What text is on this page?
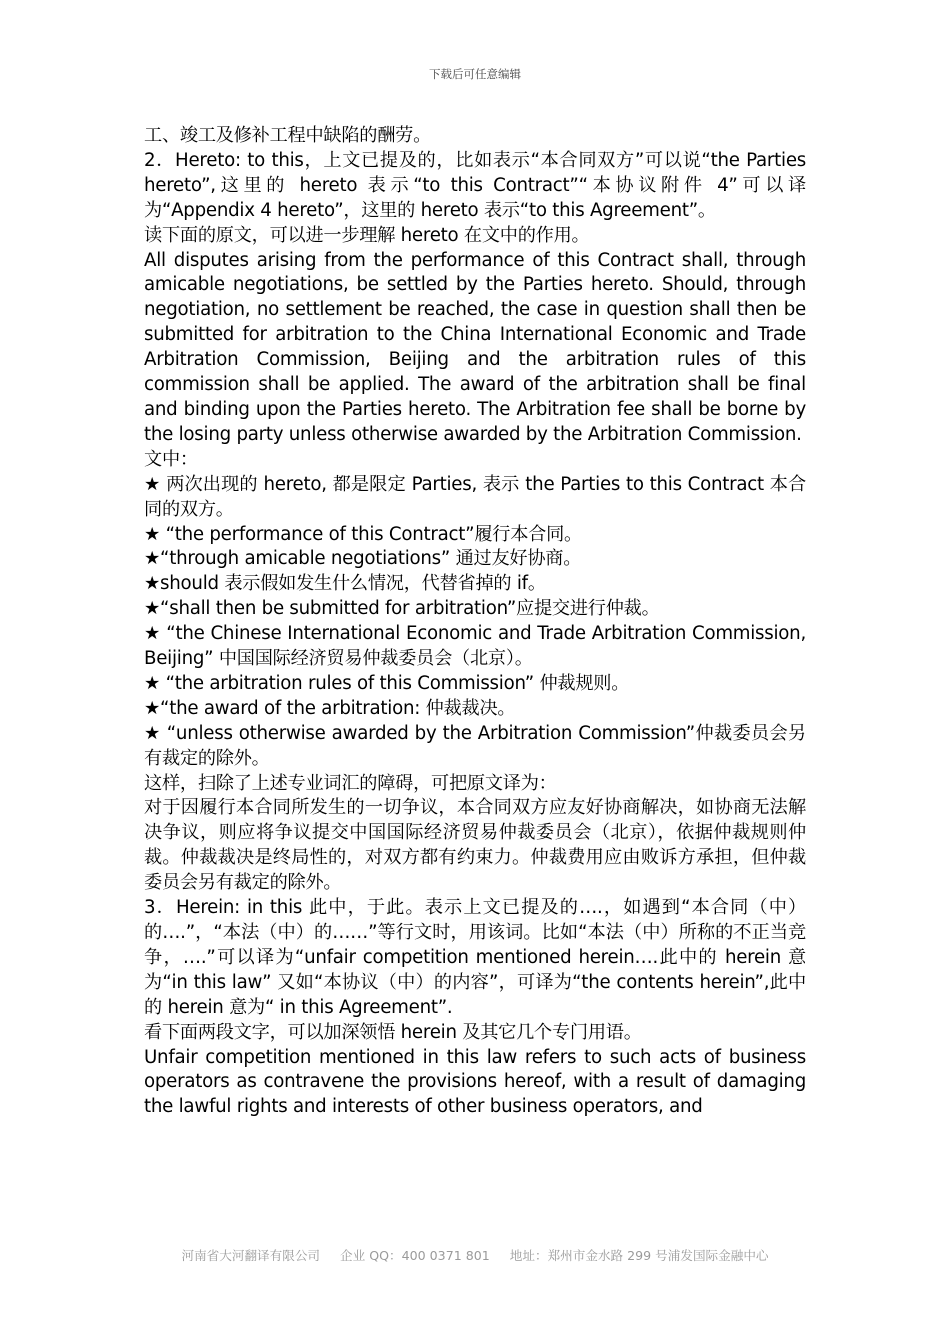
下载后可任意编辑

工、竣工及修补工程中缺陷的酬劳。

2．Hereto: to this，上文已提及的，比如表示“本合同双方”可以说“the Parties hereto”,这里的 hereto 表示“to this Contract”“本协议附件 4”可以译为“Appendix 4 hereto”，这里的 hereto 表示“to this Agreement”。

读下面的原文，可以进一步理解 hereto 在文中的作用。

All disputes arising from the performance of this Contract shall, through amicable negotiations, be settled by the Parties hereto. Should, through negotiation, no settlement be reached, the case in question shall then be submitted for arbitration to the China International Economic and Trade Arbitration Commission, Beijing and the arbitration rules of this commission shall be applied. The award of the arbitration shall be final and binding upon the Parties hereto. The Arbitration fee shall be borne by the losing party unless otherwise awarded by the Arbitration Commission.

文中：

★ 两次出现的 hereto, 都是限定 Parties, 表示 the Parties to this Contract 本合同的双方。

★ “the performance of this Contract”履行本合同。

★“through amicable negotiations” 通过友好协商。

★should 表示假如发生什么情况，代替省掉的 if。

★“shall then be submitted for arbitration”应提交进行仲裁。

★ “the Chinese International Economic and Trade Arbitration Commission, Beijing” 中国国际经济贸易仲裁委员会（北京）。

★ “the arbitration rules of this Commission” 仲裁规则。

★“the award of the arbitration: 仲裁裁决。

★ “unless otherwise awarded by the Arbitration Commission”仲裁委员会另有裁定的除外。

这样，扫除了上述专业词汇的障碍，可把原文译为：

对于因履行本合同所发生的一切争议，本合同双方应友好协商解决，如协商无法解决争议，则应将争议提交中国国际经济贸易仲裁委员会（北京），依据仲裁规则仲裁。仲裁裁决是终局性的，对双方都有约束力。仲裁费用应由败诉方承担，但仲裁委员会另有裁定的除外。

3．Herein: in this 此中，于此。表示上文已提及的….，如遇到“本合同（中）的….”，“本法（中）的……”等行文时，用该词。比如“本法（中）所称的不正当竞争，….”可以译为“unfair competition mentioned herein….此中的 herein 意为“in this law” 又如“本协议（中）的内容”，可译为“the contents herein”,此中的 herein 意为“ in this Agreement”.

看下面两段文字，可以加深领悟 herein 及其它几个专门用语。

Unfair competition mentioned in this law refers to such acts of business operators as contravene the provisions hereof, with a result of damaging the lawful rights and interests of other business operators, and

河南省大河翻译有限公司 企业 QQ：400 0371 801 地址：郑州市金水路 299 号浦发国际金融中心
